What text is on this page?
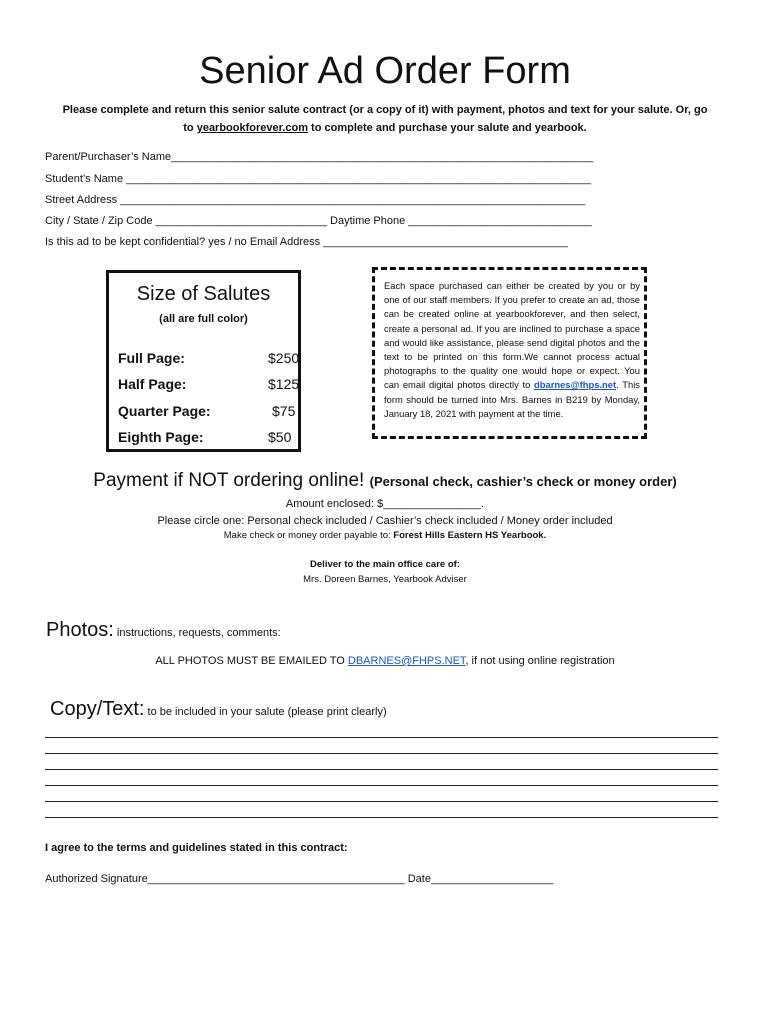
Senior Ad Order Form
Please complete and return this senior salute contract (or a copy of it) with payment, photos and text for your salute. Or, go
to yearbookforever.com to complete and purchase your salute and yearbook.
Parent/Purchaser’s Name_____________________________________________________________________
Student’s Name ____________________________________________________________________________
Street Address ____________________________________________________________________________
City / State / Zip Code ____________________________ Daytime Phone ______________________________
Is this ad to be kept confidential? yes / no Email Address ________________________________________
Size of Salutes
(all are full color)
Full Page:	$250
Half Page:	$125
Quarter Page:	$75
Eighth Page:	$50

Each space purchased can either be created by you or by one of our staff members. If you prefer to create an ad, those can be created online at yearbookforever, and then select, create a personal ad. If you are inclined to purchase a space and would like assistance, please send digital photos and the text to be printed on this form.We cannot process actual photographs to the quality one would hope or expect. You can email digital photos directly to dbarnes@fhps.net. This form should be turned into Mrs. Barnes in B219 by Monday, January 18, 2021 with payment at the time.

Payment if NOT ordering online! (Personal check, cashier’s check or money order)
Amount enclosed: $________________.
Please circle one: Personal check included / Cashier’s check included / Money order included
Make check or money order payable to: Forest Hills Eastern HS Yearbook.
Deliver to the main office care of:
Mrs. Doreen Barnes, Yearbook Adviser
Photos: instructions, requests, comments:
ALL PHOTOS MUST BE EMAILED TO DBARNES@FHPS.NET, if not using online registration
Copy/Text: to be included in your salute (please print clearly)
I agree to the terms and guidelines stated in this contract:
Authorized Signature__________________________________________ Date____________________
